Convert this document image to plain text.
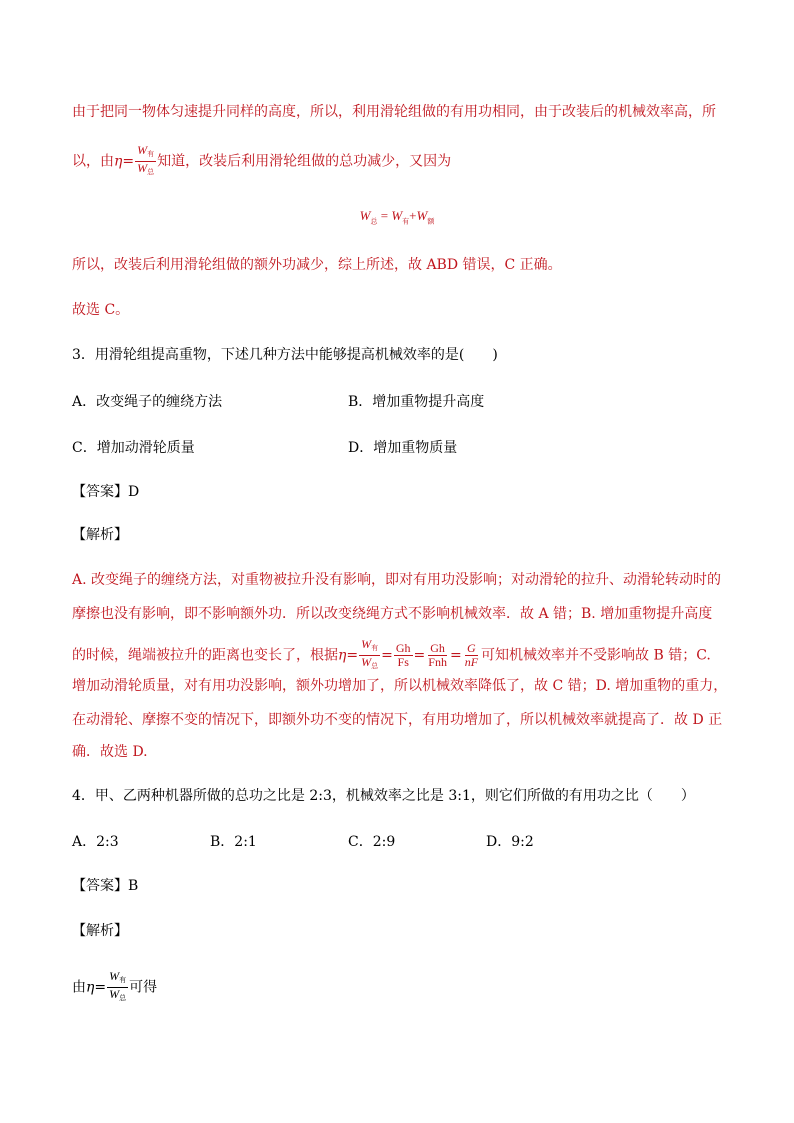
由于把同一物体匀速提升同样的高度，所以，利用滑轮组做的有用功相同，由于改装后的机械效率高，所
以，由$\eta= \frac{W_有}{W_总}$ 知道，改装后利用滑轮组做的总功减少，又因为
$W_总 = W_有+W_额$
所以，改装后利用滑轮组做的额外功减少，综上所述，故 ABD 错误，C 正确。
故选 C。
3．用滑轮组提高重物，下述几种方法中能够提高机械效率的是(　　)
A．改变绳子的缠绕方法	B．增加重物提升高度
C．增加动滑轮质量	D．增加重物质量
【答案】D
【解析】
A. 改变绳子的缠绕方法，对重物被拉升没有影响，即对有用功没影响；对动滑轮的拉升、动滑轮转动时的
摩擦也没有影响，即不影响额外功．所以改变绕绳方式不影响机械效率．故 A 错；B. 增加重物提升高度
的时候，绳端被拉升的距离也变长了，根据$\eta= \frac{W_有}{W_总} = \frac{Gh}{Fs} = \frac{Gh}{\text{Fnh}} = \frac{G}{nF}$ 可知机械效率并不受影响故 B 错；C.
增加动滑轮质量，对有用功没影响，额外功增加了，所以机械效率降低了，故 C 错；D. 增加重物的重力，
在动滑轮、摩擦不变的情况下，即额外功不变的情况下，有用功增加了，所以机械效率就提高了．故 D 正
确．故选 D.
4．甲、乙两种机器所做的总功之比是 2:3，机械效率之比是 3:1，则它们所做的有用功之比（　　）
A．2:3	B．2:1	C．2:9	D．9:2
【答案】B
【解析】
由$\eta= \frac{W_有}{W_总}$ 可得
